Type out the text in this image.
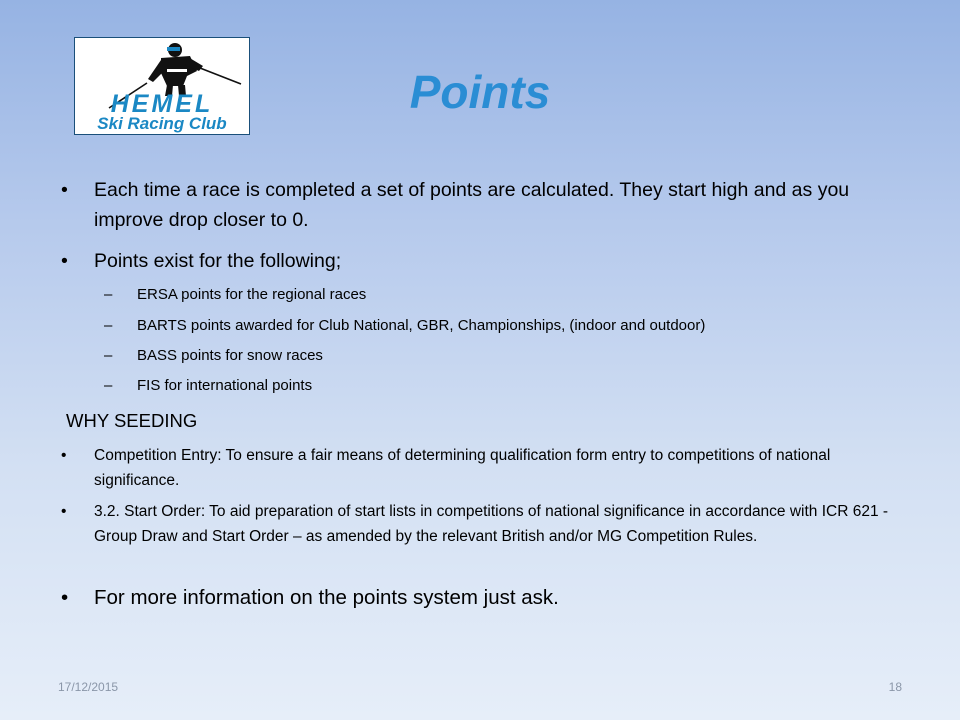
HEMEL
Ski Racing Club
Points
• Each time a race is completed a set of points are calculated. They start high and as you improve drop closer to 0.
• Points exist for the following;
– ERSA points for the regional races
– BARTS points awarded for Club National, GBR, Championships, (indoor and outdoor)
– BASS points for snow races
– FIS for international points
WHY SEEDING
• Competition Entry: To ensure a fair means of determining qualification form entry to competitions of national significance.
• 3.2. Start Order: To aid preparation of start lists in competitions of national significance in accordance with ICR 621 - Group Draw and Start Order – as amended by the relevant British and/or MG Competition Rules.
• For more information on the points system just ask.
17/12/2015	18
